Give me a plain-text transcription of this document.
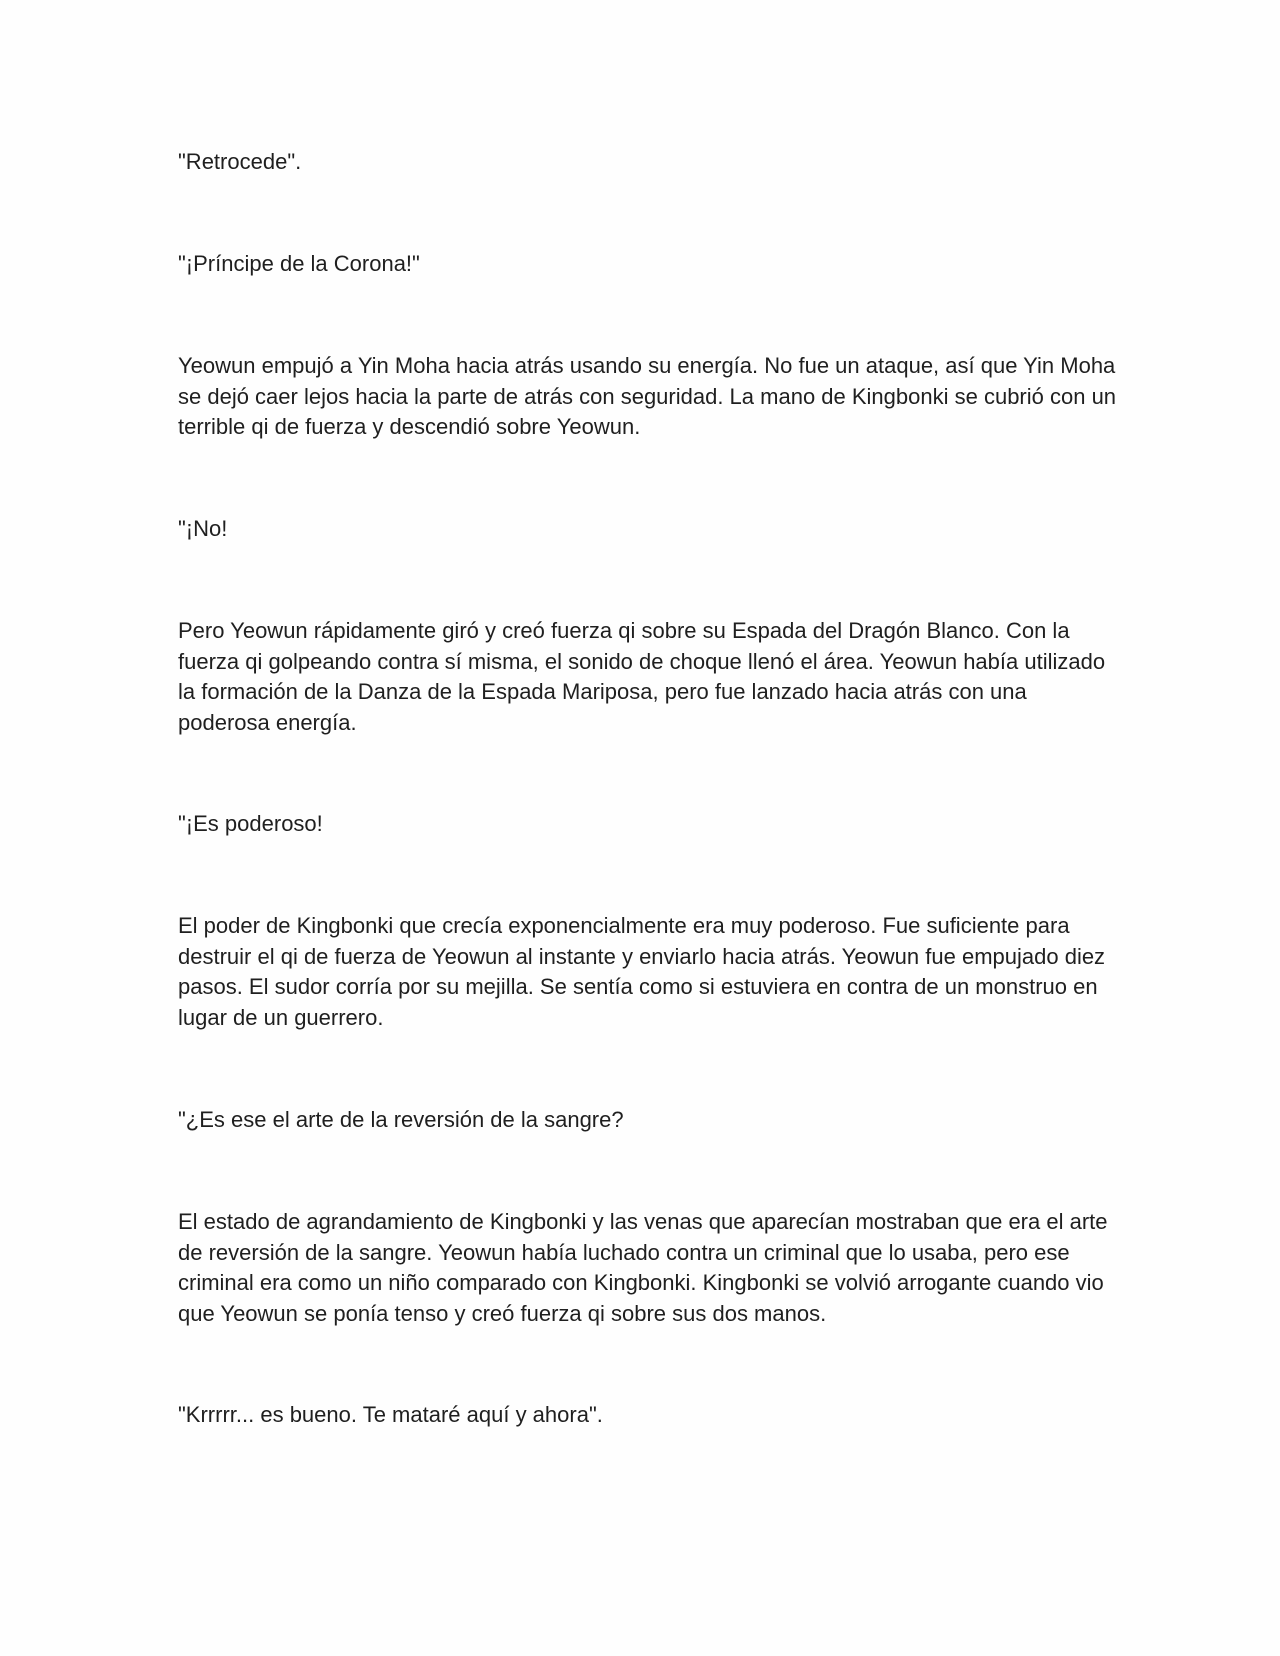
"Retrocede".

"¡Príncipe de la Corona!"

Yeowun empujó a Yin Moha hacia atrás usando su energía. No fue un ataque, así que Yin Moha se dejó caer lejos hacia la parte de atrás con seguridad. La mano de Kingbonki se cubrió con un terrible qi de fuerza y descendió sobre Yeowun.

"¡No!

Pero Yeowun rápidamente giró y creó fuerza qi sobre su Espada del Dragón Blanco. Con la fuerza qi golpeando contra sí misma, el sonido de choque llenó el área. Yeowun había utilizado la formación de la Danza de la Espada Mariposa, pero fue lanzado hacia atrás con una poderosa energía.

"¡Es poderoso!

El poder de Kingbonki que crecía exponencialmente era muy poderoso. Fue suficiente para destruir el qi de fuerza de Yeowun al instante y enviarlo hacia atrás. Yeowun fue empujado diez pasos. El sudor corría por su mejilla. Se sentía como si estuviera en contra de un monstruo en lugar de un guerrero.

"¿Es ese el arte de la reversión de la sangre?

El estado de agrandamiento de Kingbonki y las venas que aparecían mostraban que era el arte de reversión de la sangre. Yeowun había luchado contra un criminal que lo usaba, pero ese criminal era como un niño comparado con Kingbonki. Kingbonki se volvió arrogante cuando vio que Yeowun se ponía tenso y creó fuerza qi sobre sus dos manos.

"Krrrrr... es bueno. Te mataré aquí y ahora".
